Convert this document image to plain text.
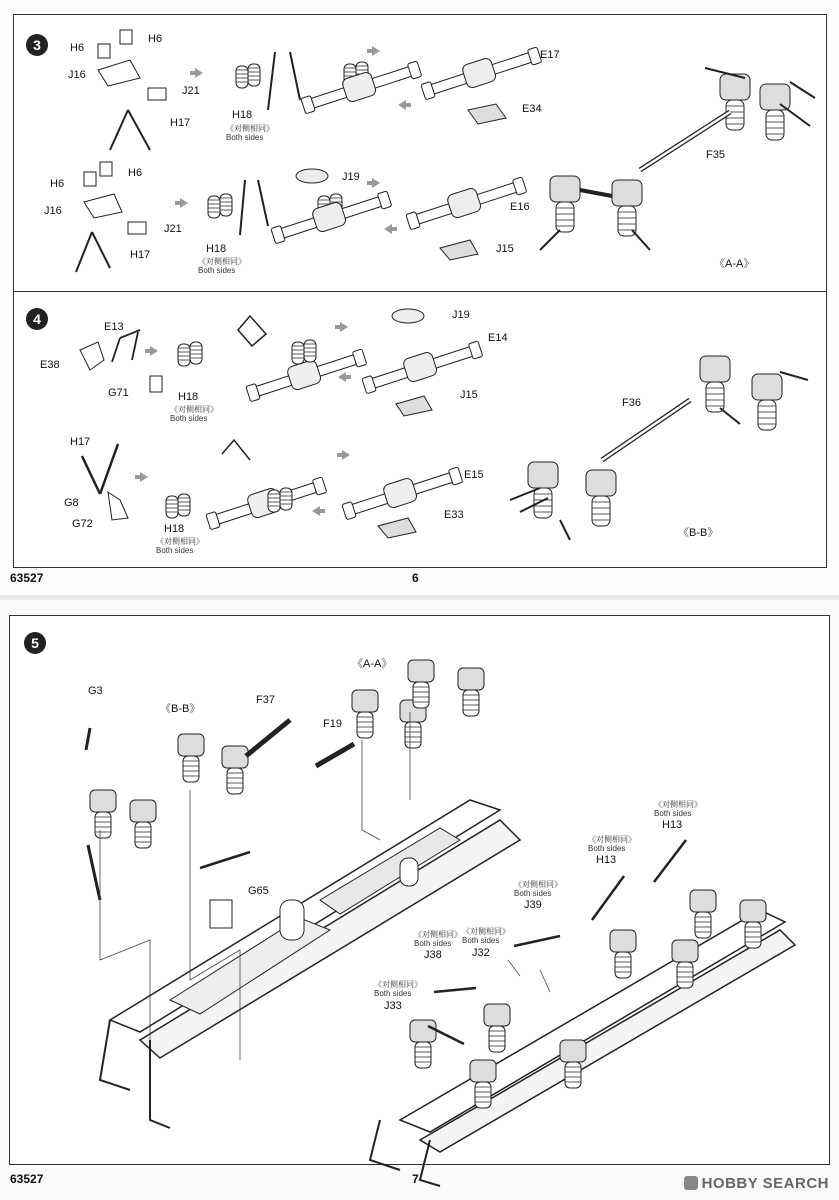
3
4
H6
H6
J16
J21
H17
H18
《对侧相同》
Both sides
E17
E34
H6
H6
J16
J21
H17	H18
《对侧相同》
Both sides
J19
E16
J15
F35
《A-A》
E13
E38
G71	H18
《对侧相同》
Both sides
J19
E14
J15
H17
G8
G72	H18
《对侧相同》
Both sides
E15
E33
F36
《B-B》
63527	6
5
G3
《B-B》
F37
《A-A》
F19
G65
《对侧相同》
Both sides
H13
《对侧相同》
Both sides
H13
《对侧相同》
Both sides
J39
《对侧相同》
Both sides
J38
《对侧相同》
Both sides
J32
《对侧相同》
Both sides
J33
63527	7	HOBBY SEARCH
